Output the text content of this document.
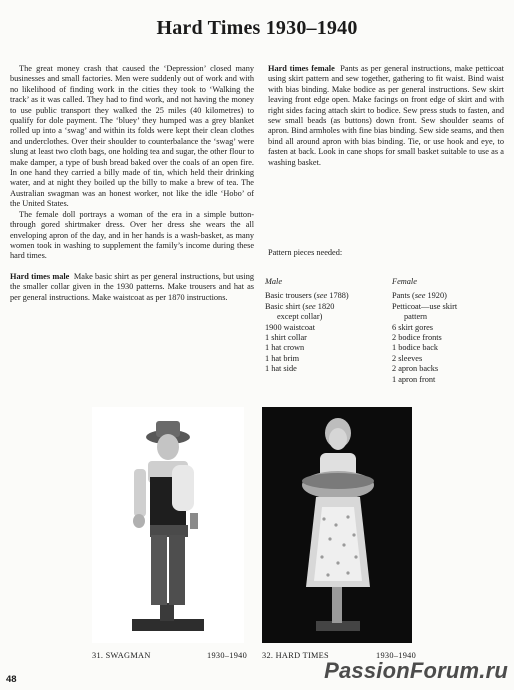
Hard Times 1930–1940

The great money crash that caused the ‘Depression’ closed many businesses and small factories. Men were suddenly out of work and with no likelihood of finding work in the cities they took to ‘Walking the track’ as it was called. They had to find work, and not having the money to use public transport they walked the 25 miles (40 kilometres) to qualify for dole payment. The ‘bluey’ they humped was a grey blanket rolled up into a ‘swag’ and within its folds were kept their clean clothes and underclothes. Over their shoulder to counterbalance the ‘swag’ were slung at least two cloth bags, one holding tea and sugar, the other flour to make damper, a type of bush bread baked over the coals of an open fire. In one hand they carried a billy made of tin, which held their drinking water, and at night they boiled up the billy to make a brew of tea. The Australian swagman was an honest worker, not like the idle ‘Hobo’ of the United States.

The female doll portrays a woman of the era in a simple button-through gored shirtmaker dress. Over her dress she wears the all enveloping apron of the day, and in her hands is a wash-basket, as many women took in washing to supplement the family’s income during these hard times.

Hard times male Make basic shirt as per general instructions, but using the smaller collar given in the 1930 patterns. Make trousers and hat as per general instructions. Make waistcoat as per 1870 instructions.

Hard times female Pants as per general instructions, make petticoat using skirt pattern and sew together, gathering to fit waist. Bind waist with bias binding. Make bodice as per general instructions. Sew skirt leaving front edge open. Make facings on front edge of skirt and with right sides facing attach skirt to bodice. Sew press studs to fasten, and sew small beads (as buttons) down front. Sew shoulder seams of apron. Bind armholes with fine bias binding. Sew side seams, and then bind all around apron with bias binding. Tie, or use hook and eye, to fasten at back. Look in cane shops for small basket suitable to use as a washing basket.

Pattern pieces needed:
Male
Basic trousers (see 1788)
Basic shirt (see 1820
except collar)
1900 waistcoat
1 shirt collar
1 hat crown
1 hat brim
1 hat side
Female
Pants (see 1920)
Petticoat—use skirt
pattern
6 skirt gores
2 bodice fronts
1 bodice back
2 sleeves
2 apron backs
1 apron front
31. SWAGMAN	1930–1940 32. HARD TIMES	1930–1940
48	PassionForum.ru
